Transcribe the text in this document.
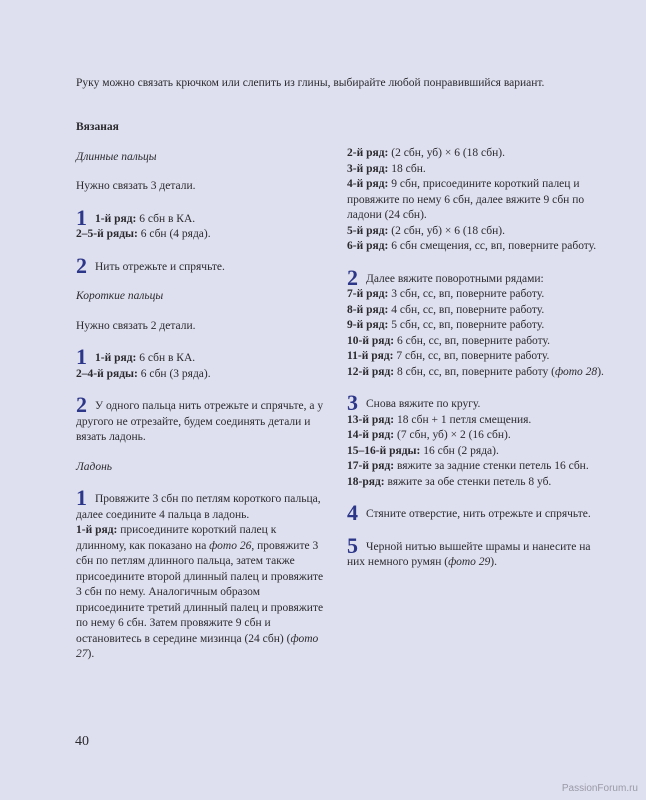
Руку можно связать крючком или слепить из глины, выбирайте любой понравившийся вариант.

Вязаная

Длинные пальцы

Нужно связать 3 детали.

1 1-й ряд: 6 сбн в КА.

2–5-й ряды: 6 сбн (4 ряда).

2 Нить отрежьте и спрячьте.

Короткие пальцы

Нужно связать 2 детали.

1 1-й ряд: 6 сбн в КА.

2–4-й ряды: 6 сбн (3 ряда).

2 У одного пальца нить отрежьте и спрячьте, а у другого не отрезайте, будем соединять детали и вязать ладонь.

Ладонь

1 Провяжите 3 сбн по петлям короткого пальца, далее соедините 4 пальца в ладонь.

1-й ряд: присоедините короткий палец к длинному, как показано на фото 26, провяжите 3 сбн по петлям длинного пальца, затем также присоедините второй длинный палец и провяжите 3 сбн по нему. Аналогичным образом присоедините третий длинный палец и провяжите по нему 6 сбн. Затем провяжите 9 сбн и остановитесь в середине мизинца (24 сбн) (фото 27).

2-й ряд: (2 сбн, уб) × 6 (18 сбн).

3-й ряд: 18 сбн.

4-й ряд: 9 сбн, присоедините короткий палец и провяжите по нему 6 сбн, далее вяжите 9 сбн по ладони (24 сбн).

5-й ряд: (2 сбн, уб) × 6 (18 сбн).

6-й ряд: 6 сбн смещения, сс, вп, поверните работу.

2 Далее вяжите поворотными рядами:

7-й ряд: 3 сбн, сс, вп, поверните работу.

8-й ряд: 4 сбн, сс, вп, поверните работу.

9-й ряд: 5 сбн, сс, вп, поверните работу.

10-й ряд: 6 сбн, сс, вп, поверните работу.

11-й ряд: 7 сбн, сс, вп, поверните работу.

12-й ряд: 8 сбн, сс, вп, поверните работу (фото 28).

3 Снова вяжите по кругу.

13-й ряд: 18 сбн + 1 петля смещения.

14-й ряд: (7 сбн, уб) × 2 (16 сбн).

15–16-й ряды: 16 сбн (2 ряда).

17-й ряд: вяжите за задние стенки петель 16 сбн.

18-ряд: вяжите за обе стенки петель 8 уб.

4 Стяните отверстие, нить отрежьте и спрячьте.

5 Черной нитью вышейте шрамы и нанесите на них немного румян (фото 29).

40
PassionForum.ru
